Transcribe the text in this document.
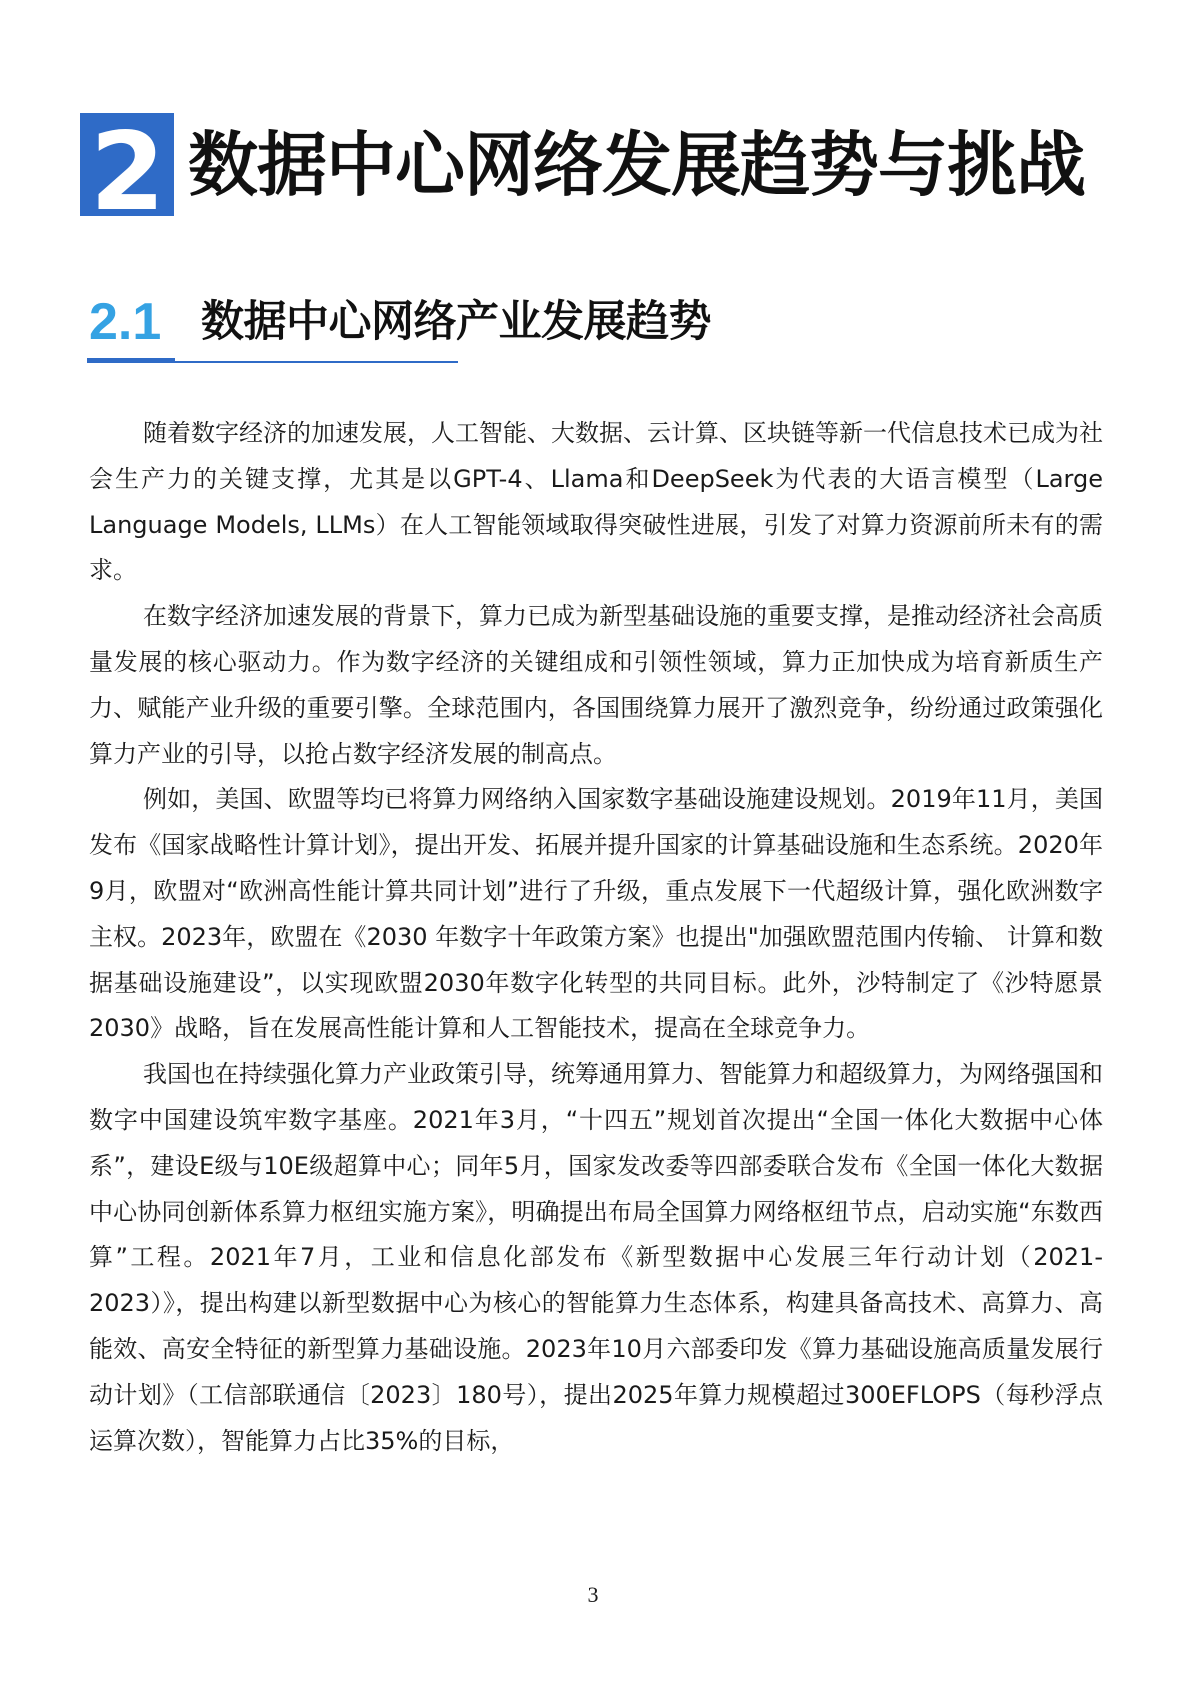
2 数据中心网络发展趋势与挑战
2.1 数据中心网络产业发展趋势

随着数字经济的加速发展，人工智能、大数据、云计算、区块链等新一代信息技术已成为社会生产力的关键支撑，尤其是以GPT-4、Llama和DeepSeek为代表的大语言模型（Large Language Models, LLMs）在人工智能领域取得突破性进展，引发了对算力资源前所未有的需求。

在数字经济加速发展的背景下，算力已成为新型基础设施的重要支撑，是推动经济社会高质量发展的核心驱动力。作为数字经济的关键组成和引领性领域，算力正加快成为培育新质生产力、赋能产业升级的重要引擎。全球范围内，各国围绕算力展开了激烈竞争，纷纷通过政策强化算力产业的引导，以抢占数字经济发展的制高点。

例如，美国、欧盟等均已将算力网络纳入国家数字基础设施建设规划。2019年11月，美国发布《国家战略性计算计划》，提出开发、拓展并提升国家的计算基础设施和生态系统。2020年9月，欧盟对“欧洲高性能计算共同计划”进行了升级，重点发展下一代超级计算，强化欧洲数字主权。2023年，欧盟在《2030 年数字十年政策方案》也提出"加强欧盟范围内传输、 计算和数据基础设施建设”，以实现欧盟2030年数字化转型的共同目标。此外，沙特制定了《沙特愿景2030》战略，旨在发展高性能计算和人工智能技术，提高在全球竞争力。

我国也在持续强化算力产业政策引导，统筹通用算力、智能算力和超级算力，为网络强国和数字中国建设筑牢数字基座。2021年3月，“十四五”规划首次提出“全国一体化大数据中心体系”，建设E级与10E级超算中心；同年5月，国家发改委等四部委联合发布《全国一体化大数据中心协同创新体系算力枢纽实施方案》，明确提出布局全国算力网络枢纽节点，启动实施“东数西算”工程。2021年7月，工业和信息化部发布《新型数据中心发展三年行动计划（2021-2023）》，提出构建以新型数据中心为核心的智能算力生态体系，构建具备高技术、高算力、高能效、高安全特征的新型算力基础设施。2023年10月六部委印发《算力基础设施高质量发展行动计划》（工信部联通信〔2023〕180号），提出2025年算力规模超过300EFLOPS（每秒浮点运算次数），智能算力占比35%的目标，

3
